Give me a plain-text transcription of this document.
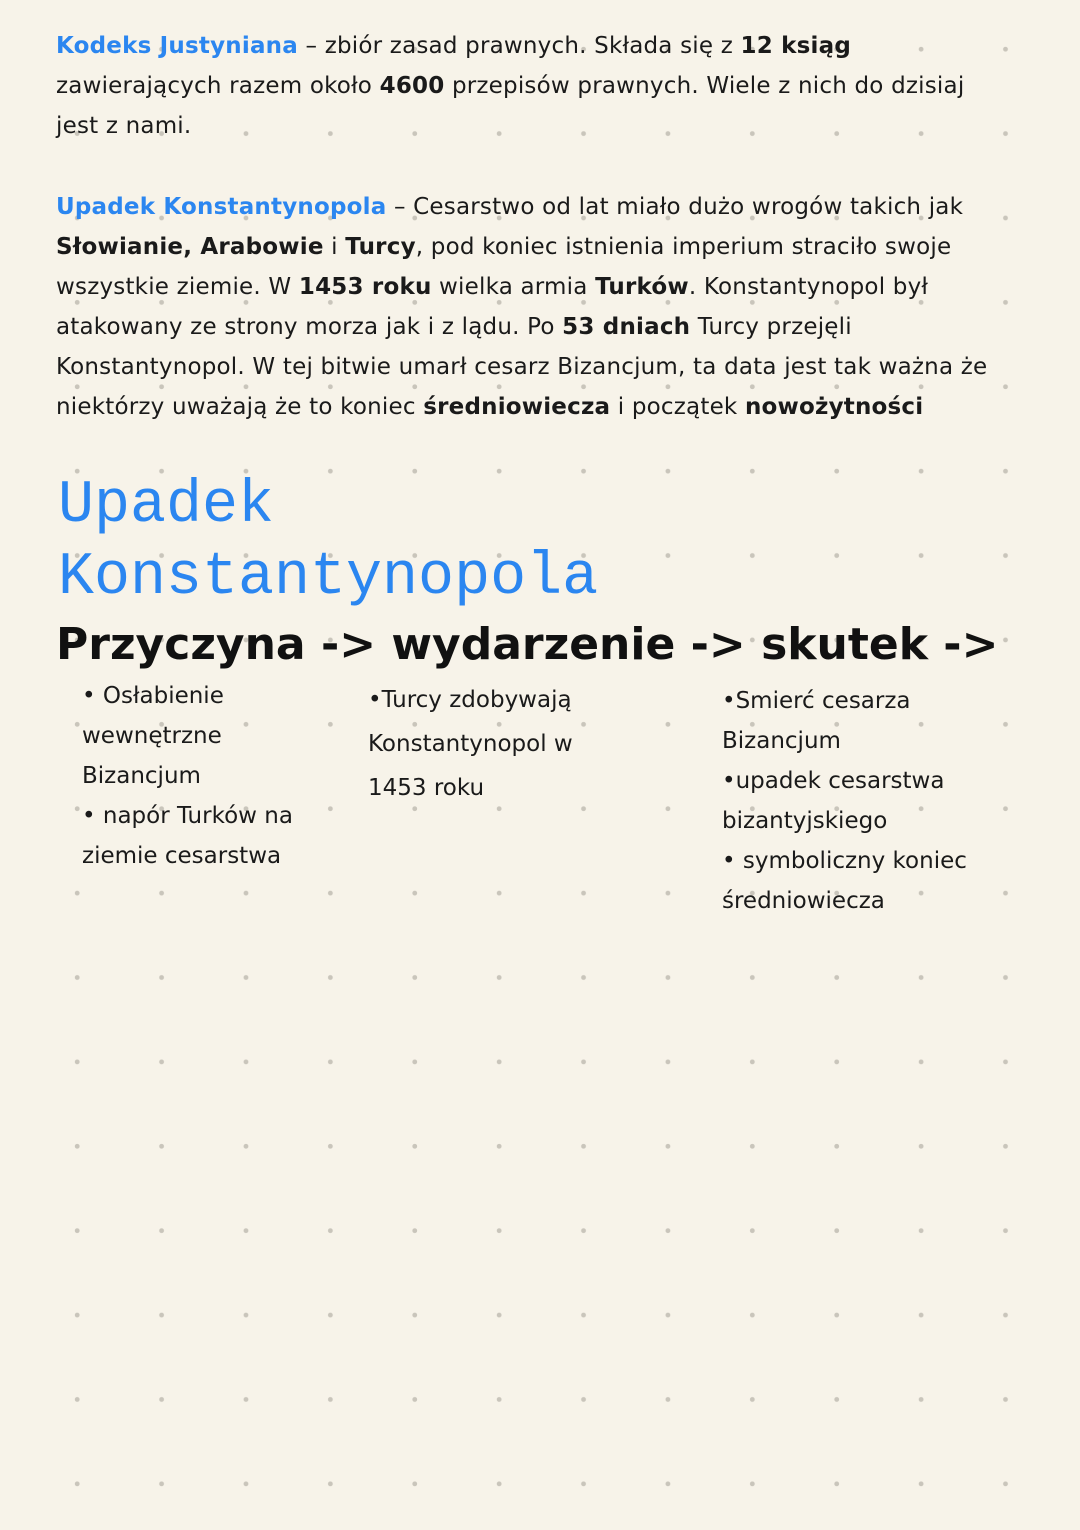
Kodeks Justyniana – zbiór zasad prawnych. Składa się z 12 ksiąg zawierających razem około 4600 przepisów prawnych. Wiele z nich do dzisiaj jest z nami.

Upadek Konstantynopola – Cesarstwo od lat miało dużo wrogów takich jak Słowianie, Arabowie i Turcy, pod koniec istnienia imperium straciło swoje wszystkie ziemie. W 1453 roku wielka armia Turków. Konstantynopol był atakowany ze strony morza jak i z lądu. Po 53 dniach Turcy przejęli Konstantynopol. W tej bitwie umarł cesarz Bizancjum, ta data jest tak ważna że niektórzy uważają że to koniec średniowiecza i początek nowożytności

Upadek
Konstantynopola
Przyczyna -> wydarzenie -> skutek ->
• Osłabienie
wewnętrzne
Bizancjum
• napór Turków na
ziemie cesarstwa
•Turcy zdobywają
Konstantynopol w
1453 roku
•Smierć cesarza
Bizancjum
•upadek cesarstwa
bizantyjskiego
• symboliczny koniec
średniowiecza
